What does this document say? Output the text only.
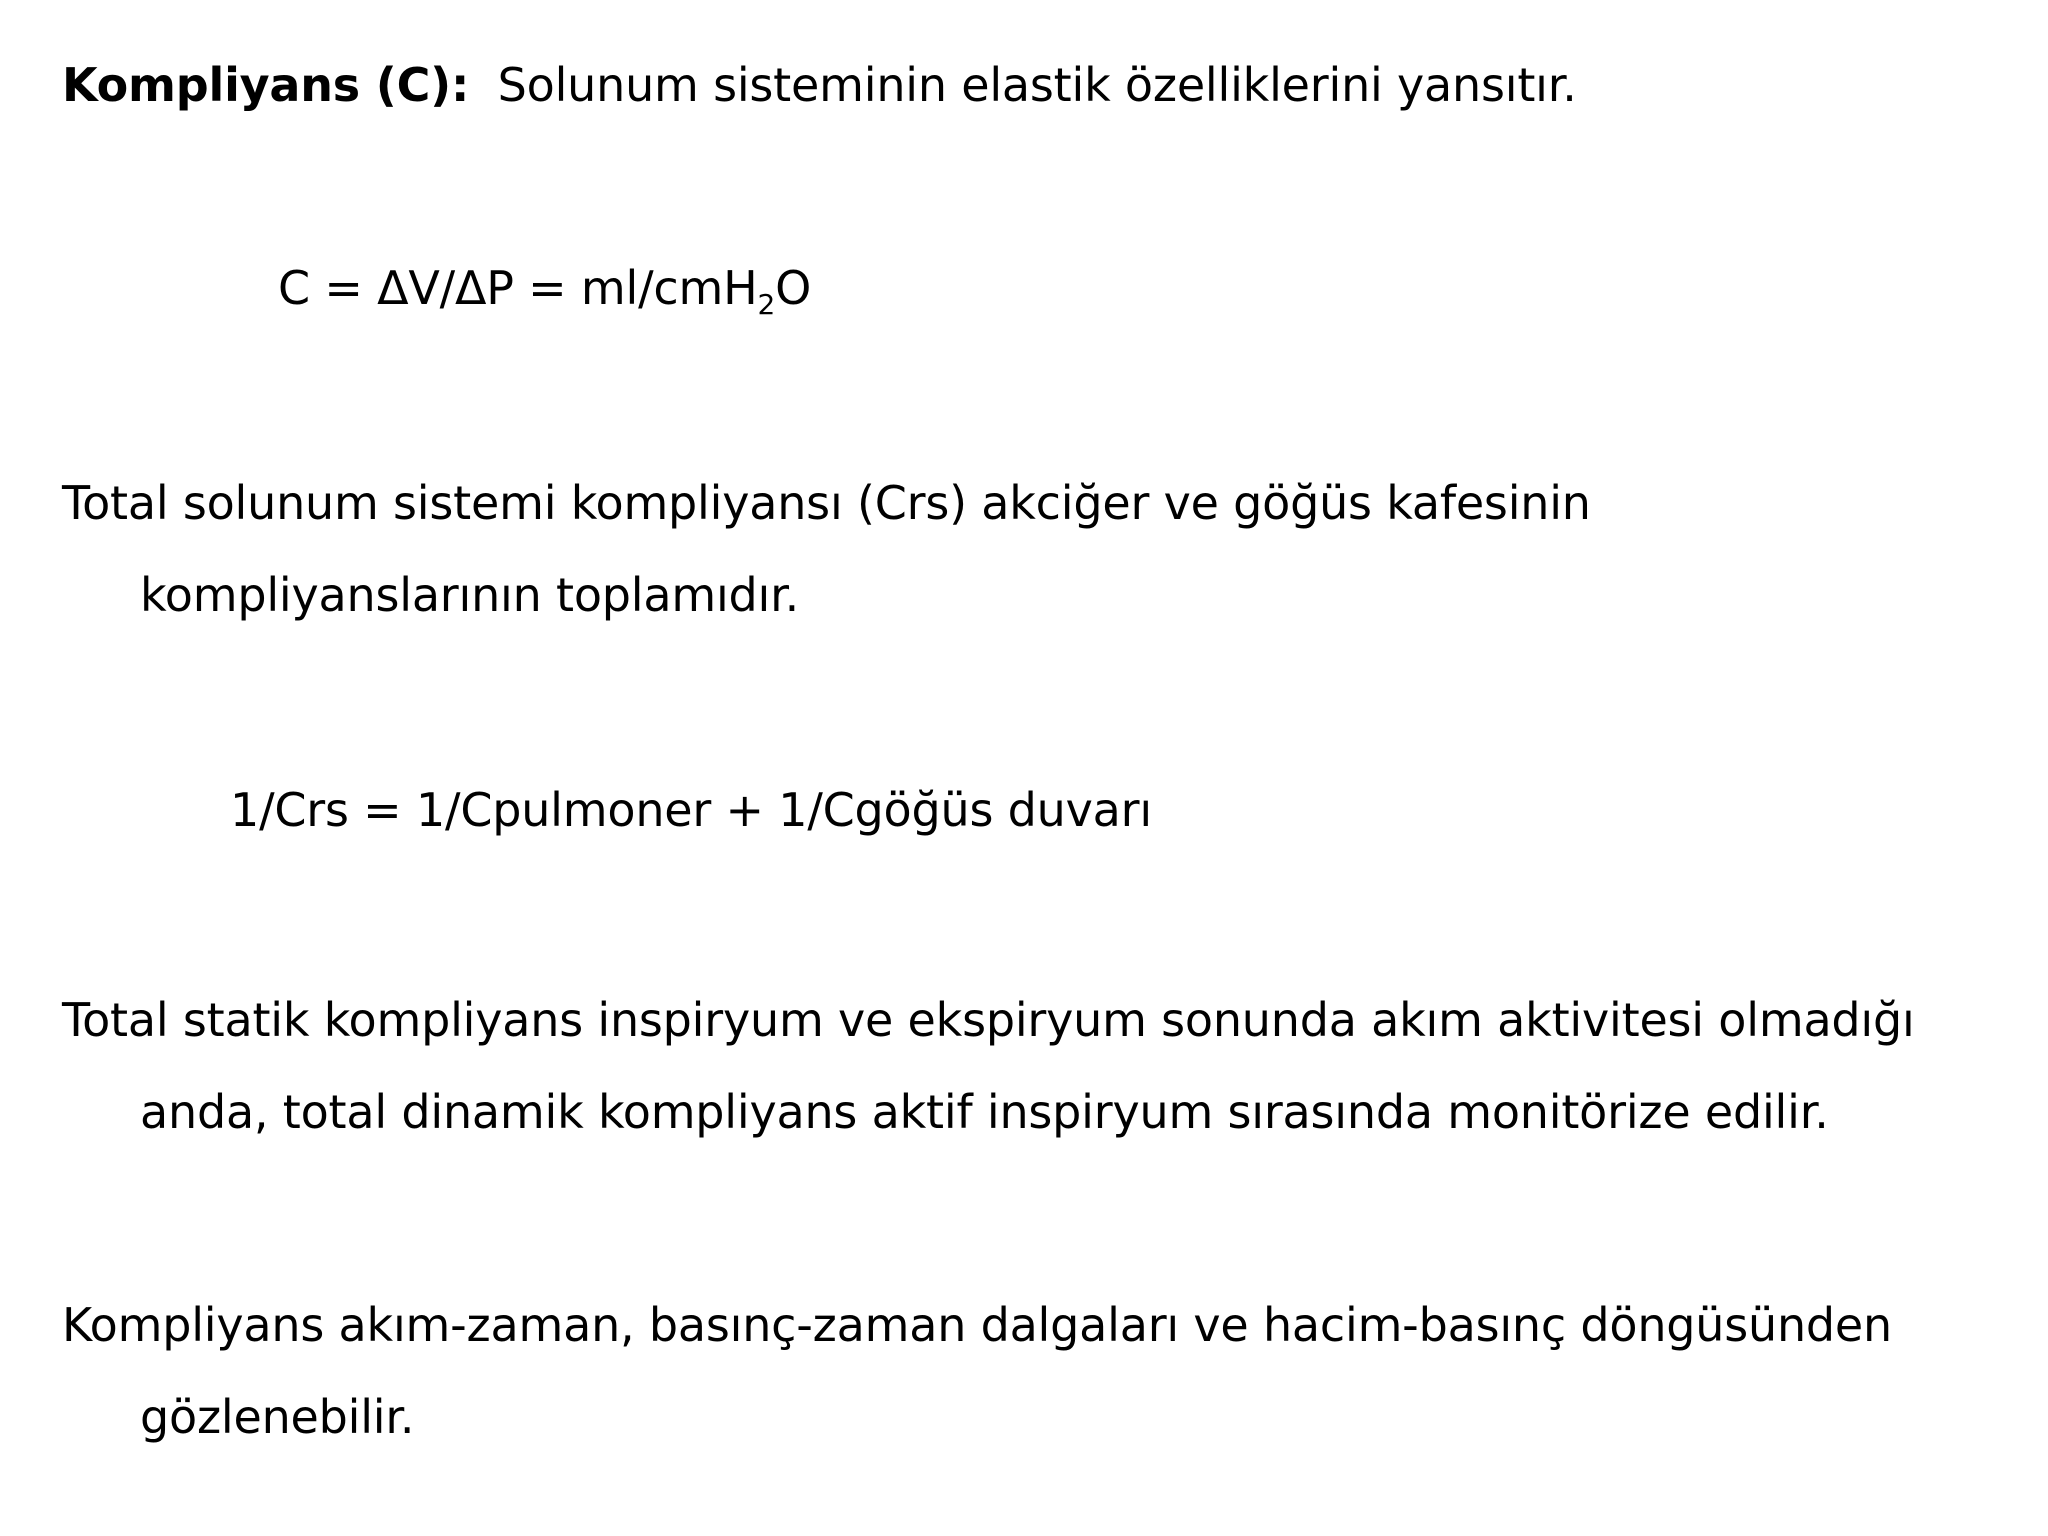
Kompliyans (C): Solunum sisteminin elastik özelliklerini yansıtır.
C = ΔV/ΔP = ml/cmH$_2$O
Total solunum sistemi kompliyansı (Crs) akciğer ve göğüs kafesinin
kompliyanslarının toplamıdır.
1/Crs = 1/Cpulmoner + 1/Cgöğüs duvarı
Total statik kompliyans inspiryum ve ekspiryum sonunda akım aktivitesi olmadığı
anda, total dinamik kompliyans aktif inspiryum sırasında monitörize edilir.
Kompliyans akım-zaman, basınç-zaman dalgaları ve hacim-basınç döngüsünden
gözlenebilir.
